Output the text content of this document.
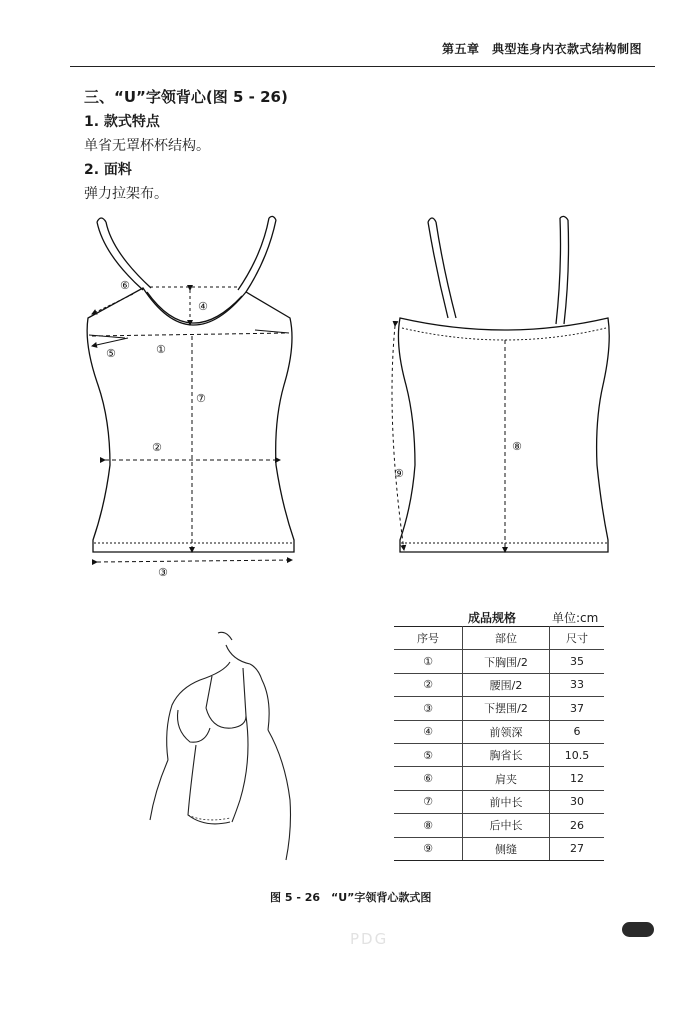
第五章　典型连身内衣款式结构制图
三、“U”字领背心(图 5 - 26)
1. 款式特点
单省无罩杯杯结构。
2. 面料
弹力拉架布。
①
②
③
④
⑤
⑥
⑦
⑧
⑨
成品规格	单位:cm
序号	部位	尺寸
①	下胸围/2	35
②	腰围/2	33
③	下摆围/2	37
④	前领深	6
⑤	胸省长	10.5
⑥	肩夹	12
⑦	前中长	30
⑧	后中长	26
⑨	侧缝	27
图 5 - 26　“U”字领背心款式图
PDG
